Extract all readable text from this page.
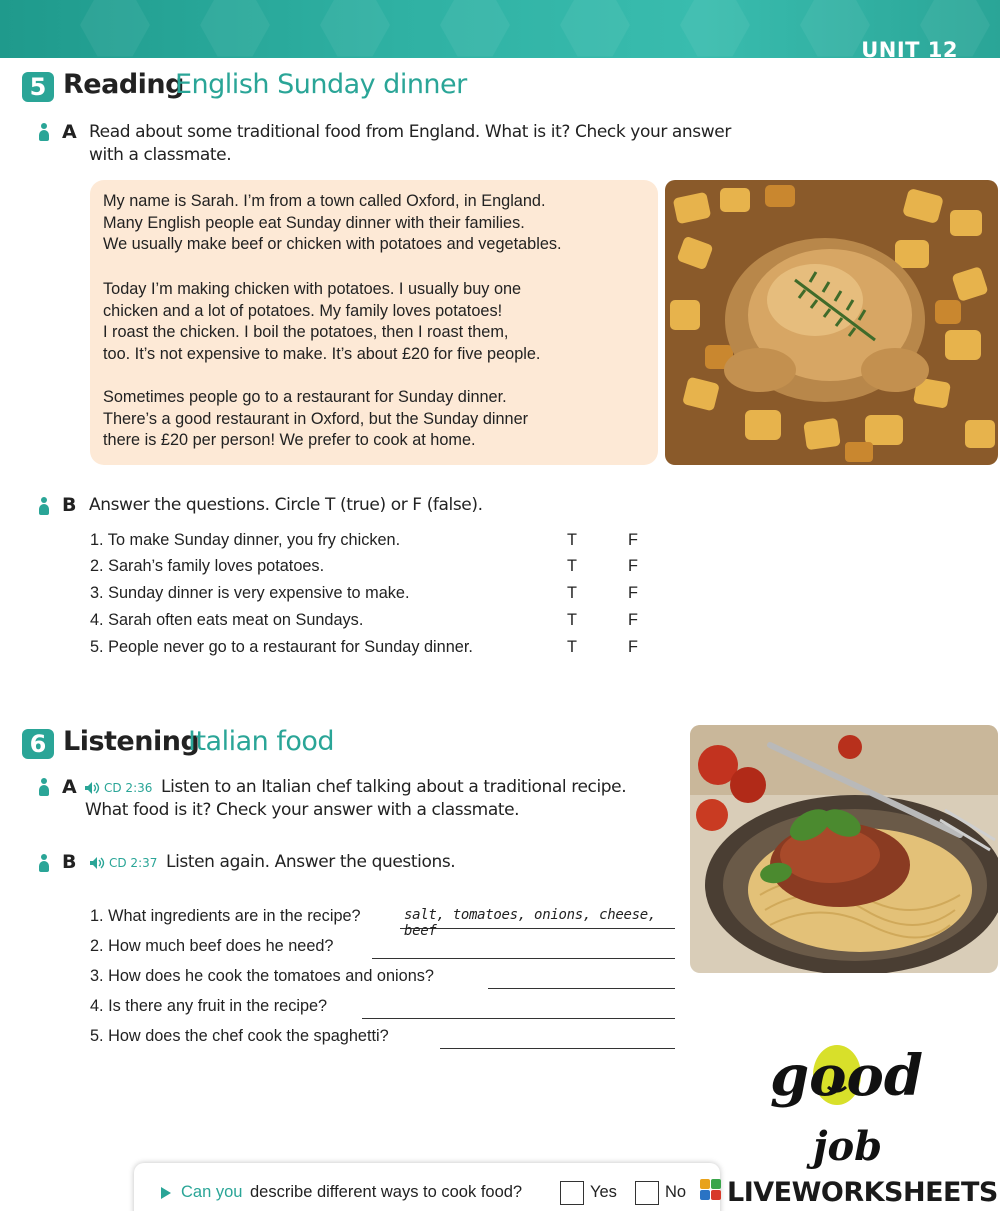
UNIT 12
5 Reading
English Sunday dinner
A Read about some traditional food from England. What is it? Check your answer
with a classmate.
My name is Sarah. I’m from a town called Oxford, in England.
Many English people eat Sunday dinner with their families.
We usually make beef or chicken with potatoes and vegetables.
Today I’m making chicken with potatoes. I usually buy one
chicken and a lot of potatoes. My family loves potatoes!
I roast the chicken. I boil the potatoes, then I roast them,
too. It’s not expensive to make. It’s about £20 for five people.
Sometimes people go to a restaurant for Sunday dinner.
There’s a good restaurant in Oxford, but the Sunday dinner
there is £20 per person! We prefer to cook at home.
B Answer the questions. Circle T (true) or F (false).
1. To make Sunday dinner, you fry chicken.	T	F
2. Sarah’s family loves potatoes.	T	F
3. Sunday dinner is very expensive to make.	T	F
4. Sarah often eats meat on Sundays.	T	F
5. People never go to a restaurant for Sunday dinner.	T	F
6 Listening
Italian food
A CD 2:36 Listen to an Italian chef talking about a traditional recipe.
What food is it? Check your answer with a classmate.
B	CD 2:37 Listen again. Answer the questions.
1. What ingredients are in the recipe?	salt, tomatoes, onions, cheese, beef
2. How much beef does he need?
3. How does he cook the tomatoes and onions?
4. Is there any fruit in the recipe?
5. How does the chef cook the spaghetti?
good
job
Can you describe different ways to cook food?	Yes	No LIVEWORKSHEETS
